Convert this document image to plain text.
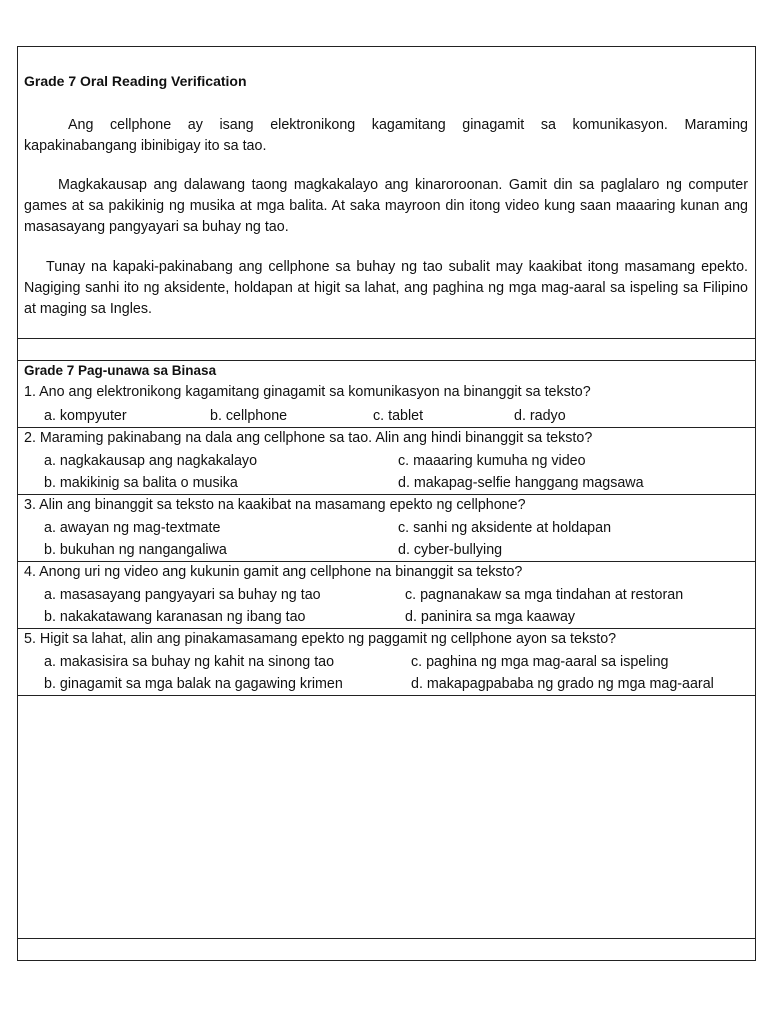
Grade 7 Oral Reading Verification

Ang cellphone ay isang elektronikong kagamitang ginagamit sa komunikasyon. Maraming kapakinabangang ibinibigay ito sa tao.

Magkakausap ang dalawang taong magkakalayo ang kinaroroonan. Gamit din sa paglalaro ng computer games at sa pakikinig ng musika at mga balita. At saka mayroon din itong video kung saan maaaring kunan ang masasayang pangyayari sa buhay ng tao.

Tunay na kapaki-pakinabang ang cellphone sa buhay ng tao subalit may kaakibat itong masamang epekto. Nagiging sanhi ito ng aksidente, holdapan at higit sa lahat, ang paghina ng mga mag-aaral sa ispeling sa Filipino at maging sa Ingles.

Grade 7 Pag-unawa sa Binasa
1. Ano ang elektronikong kagamitang ginagamit sa komunikasyon na binanggit sa teksto?
a. kompyuter	b. cellphone	c. tablet	d. radyo
2. Maraming pakinabang na dala ang cellphone sa tao. Alin ang hindi binanggit sa teksto?
a. nagkakausap ang nagkakalayo	c. maaaring kumuha ng video
b. makikinig sa balita o musika	d. makapag-selfie hanggang magsawa
3. Alin ang binanggit sa teksto na kaakibat na masamang epekto ng cellphone?
a. awayan ng mag-textmate	c. sanhi ng aksidente at holdapan
b. bukuhan ng nangangaliwa	d. cyber-bullying
4. Anong uri ng video ang kukunin gamit ang cellphone na binanggit sa teksto?
a. masasayang pangyayari sa buhay ng tao	c. pagnanakaw sa mga tindahan at restoran
b. nakakatawang karanasan ng ibang tao	d. paninira sa mga kaaway
5. Higit sa lahat, alin ang pinakamasamang epekto ng paggamit ng cellphone ayon sa teksto?
a. makasisira sa buhay ng kahit na sinong tao	c. paghina ng mga mag-aaral sa ispeling
b. ginagamit sa mga balak na gagawing krimen	d. makapagpababa ng grado ng mga mag-aaral
